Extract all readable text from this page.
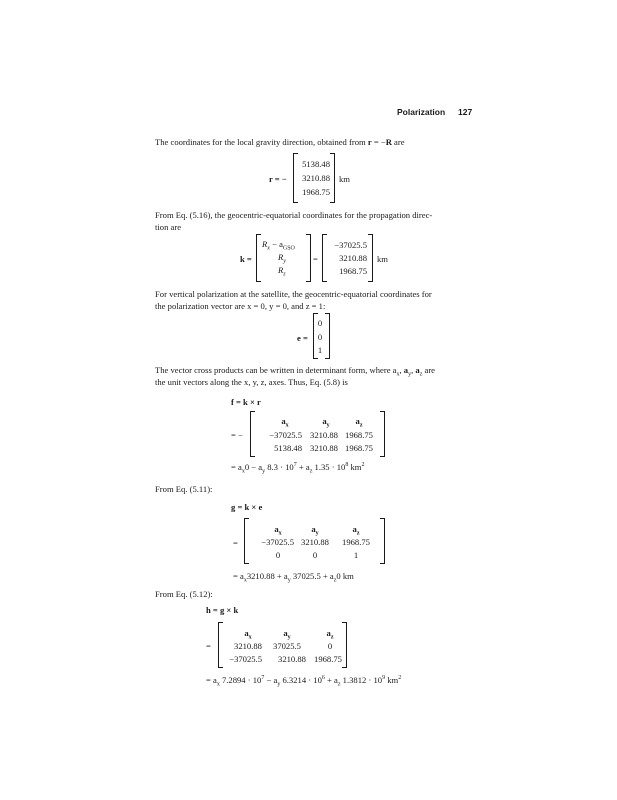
Polarization 127
The coordinates for the local gravity direction, obtained from r = −R are
r = −
5138.48
3210.88
1968.75
km
From Eq. (5.16), the geocentric-equatorial coordinates for the propagation direc-
tion are
k =
$R_x - a_{GSO}$
$R_y$
$R_z$
=
−37025.5
3210.88
1968.75
km
For vertical polarization at the satellite, the geocentric-equatorial coordinates for
the polarization vector are x = 0, y = 0, and z = 1:
e =
0
0
1
The vector cross products can be written in determinant form, where $a_x$, $a_y$, $a_z$ are
the unit vectors along the x, y, z, axes. Thus, Eq. (5.8) is
f = k × r
= −
$a_x$	$a_y$	$a_z$
−37025.5 3210.88 1968.75
5138.48 3210.88 1968.75
= $a_x0 - a_y$ $8.3 \cdot 10^7 + a_z$ $1.35 \cdot 10^8$ $km^2$
From Eq. (5.11):
g = k × e
=
$a_x$	$a_y$	$a_z$
−37025.5 3210.88	1968.75
0	0	1
= $a_x3210.88 + a_y$ $37025.5 + a_z0$ km
From Eq. (5.12):
h = g × k
=
$a_x$	$a_y$	$a_z$
3210.88	37025.5	0
−37025.5	3210.88 1968.75
= $a_x$ $7.2894 \cdot 10^7 - a_y$ $6.3214 \cdot 10^6 + a_z$ $1.3812 \cdot 10^9$ $km^2$
